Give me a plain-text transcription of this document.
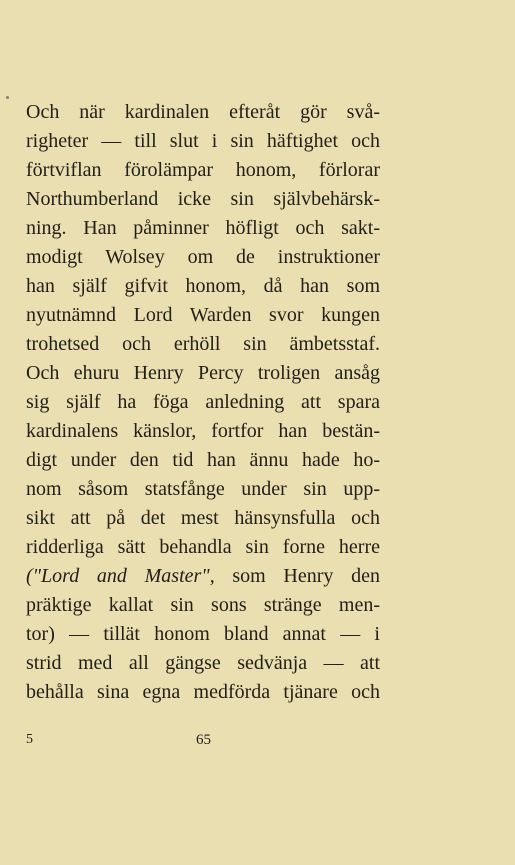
Och när kardinalen efteråt gör svå-
righeter — till slut i sin häftighet och
förtviflan förolämpar honom, förlorar
Northumberland icke sin självbehärsk-
ning. Han påminner höfligt och sakt-
modigt Wolsey om de instruktioner
han själf gifvit honom, då han som
nyutnämnd Lord Warden svor kungen
trohetsed och erhöll sin ämbetsstaf.
Och ehuru Henry Percy troligen ansåg
sig själf ha föga anledning att spara
kardinalens känslor, fortfor han bestän-
digt under den tid han ännu hade ho-
nom såsom statsfånge under sin upp-
sikt att på det mest hänsynsfulla och
ridderliga sätt behandla sin forne herre
("Lord and Master", som Henry den
präktige kallat sin sons stränge men-
tor) — tillät honom bland annat — i
strid med all gängse sedvänja — att
behålla sina egna medförda tjänare och
5	65
